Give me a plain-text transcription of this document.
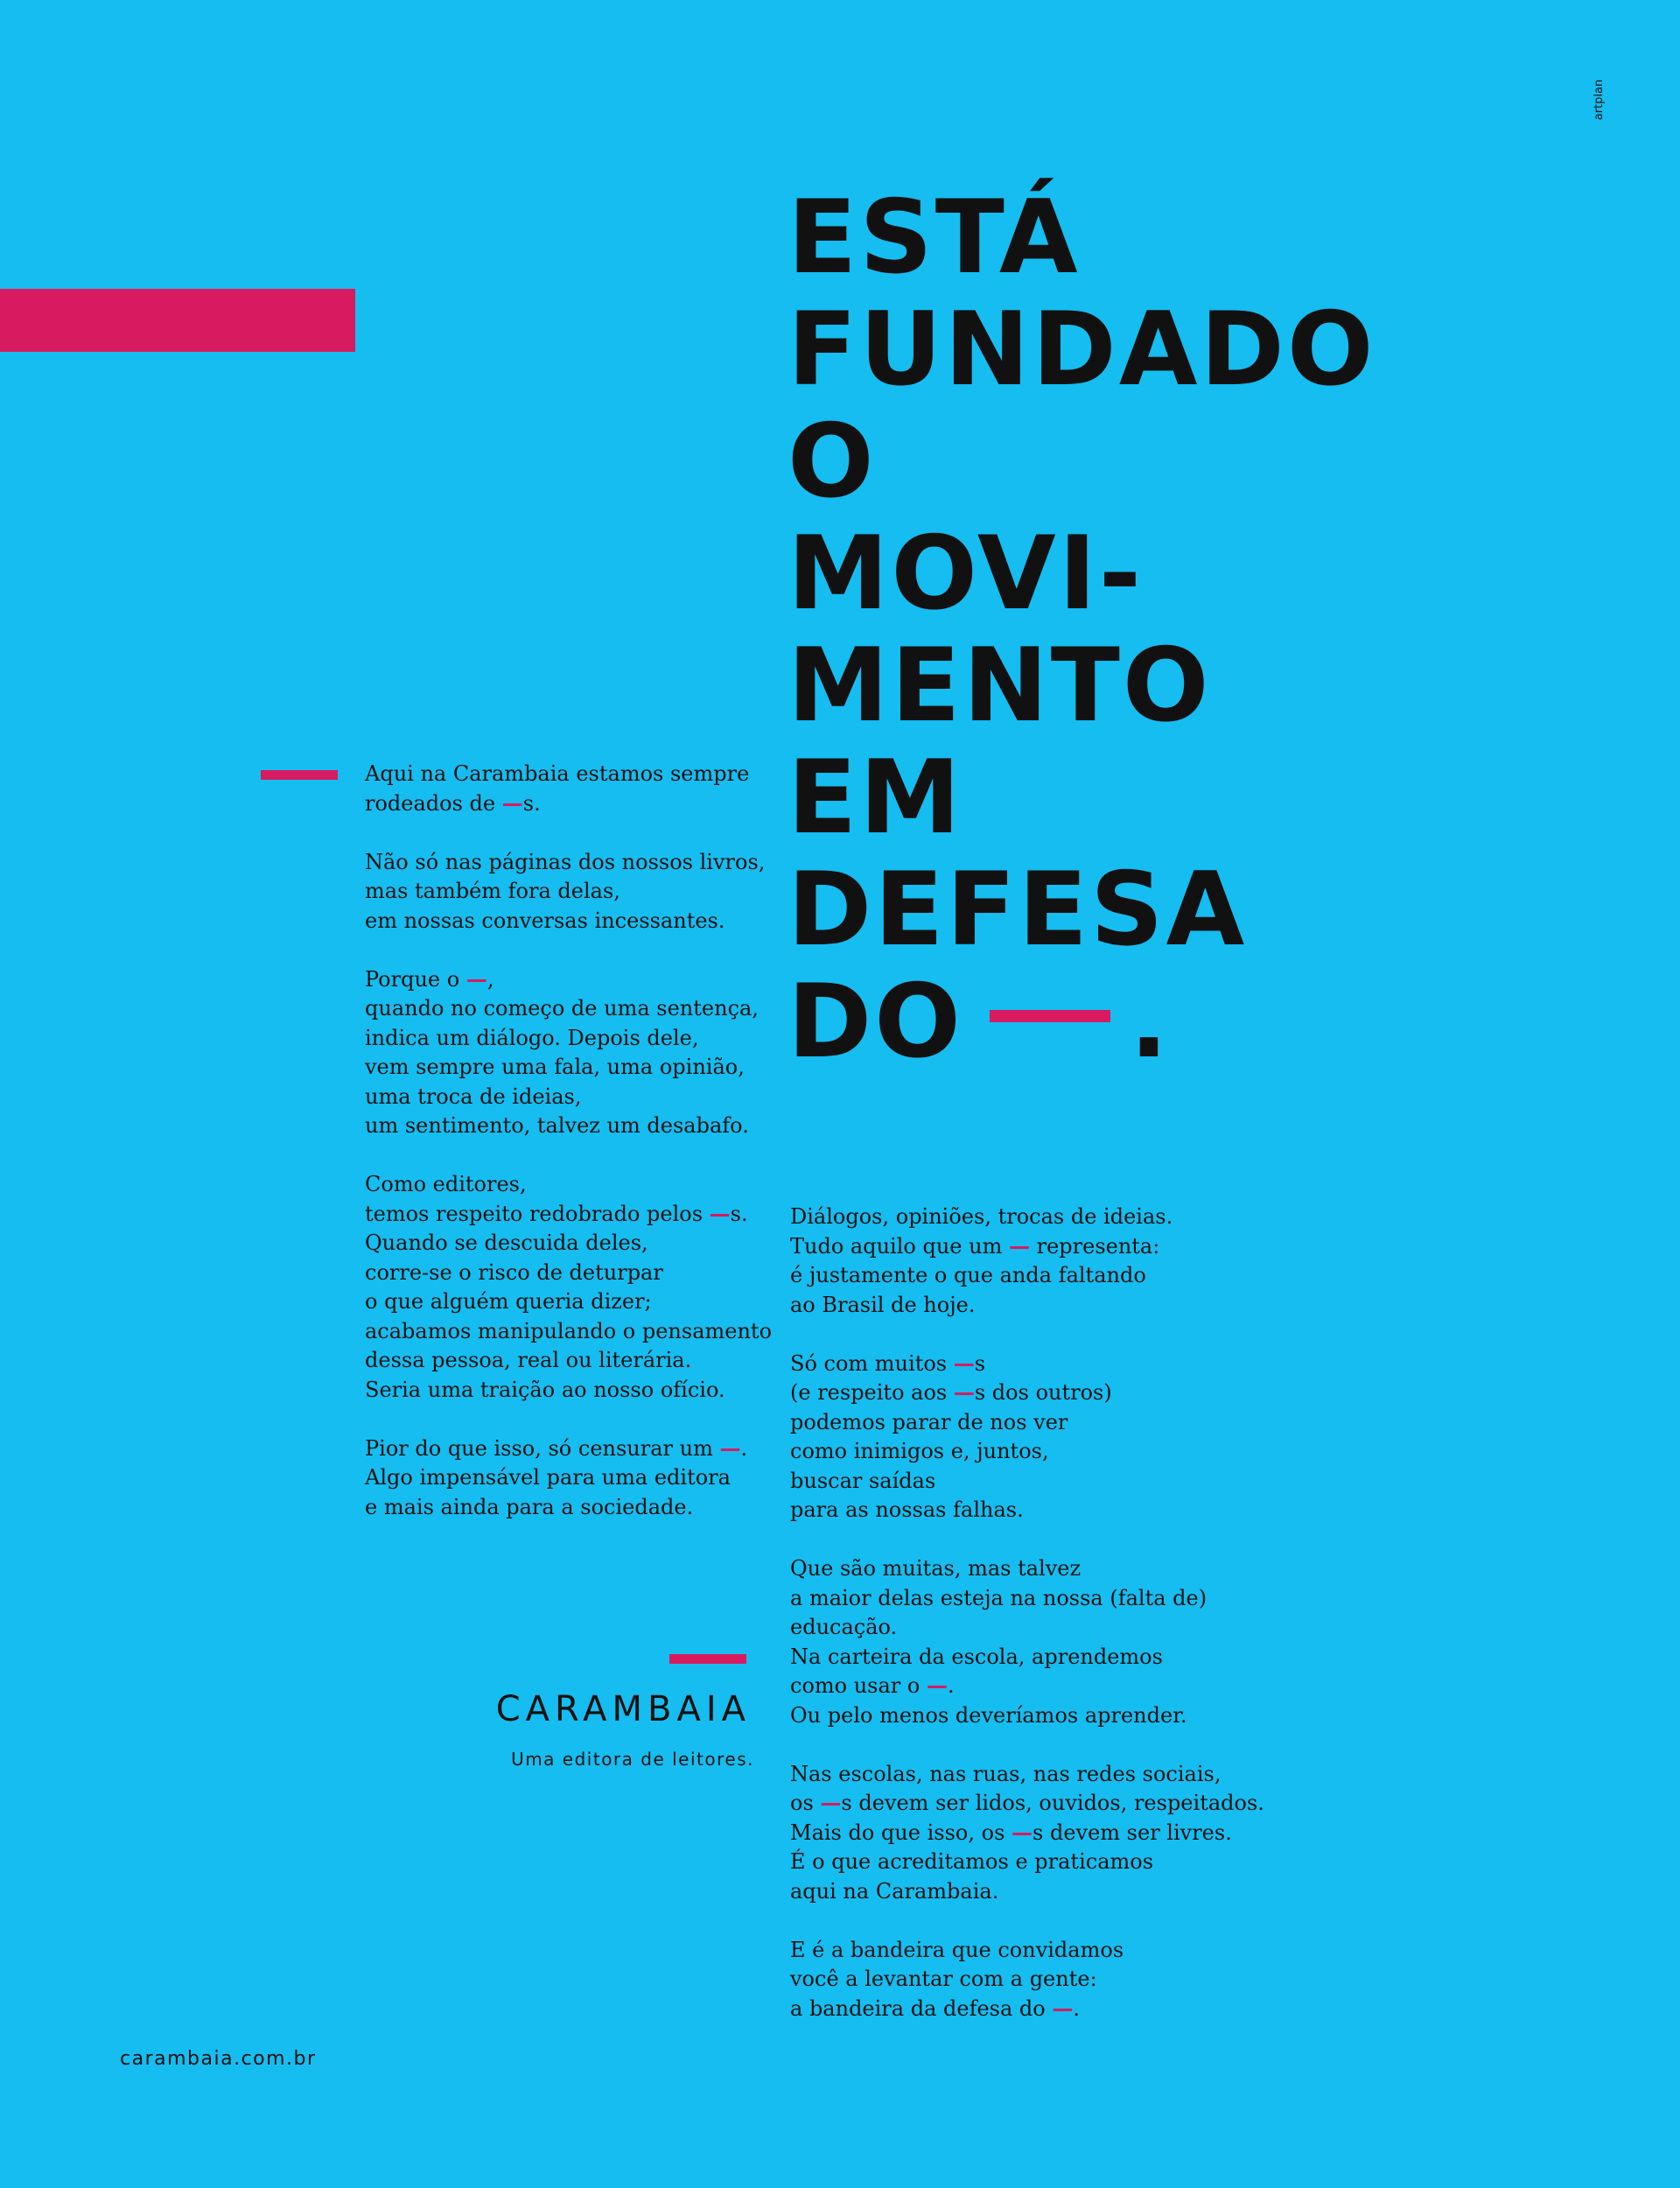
artplan
ESTÁ
FUNDADO
O
MOVI-
MENTO
EM
DEFESA
DO .

Aqui na Carambaia estamos sempre
rodeados de —s.

Não só nas páginas dos nossos livros,
mas também fora delas,
em nossas conversas incessantes.

Porque o —,
quando no começo de uma sentença,
indica um diálogo. Depois dele,
vem sempre uma fala, uma opinião,
uma troca de ideias,
um sentimento, talvez um desabafo.

Como editores,
temos respeito redobrado pelos —s.
Quando se descuida deles,
corre-se o risco de deturpar
o que alguém queria dizer;
acabamos manipulando o pensamento
dessa pessoa, real ou literária.
Seria uma traição ao nosso ofício.

Pior do que isso, só censurar um —.
Algo impensável para uma editora
e mais ainda para a sociedade.

Diálogos, opiniões, trocas de ideias.
Tudo aquilo que um — representa:
é justamente o que anda faltando
ao Brasil de hoje.

Só com muitos —s
(e respeito aos —s dos outros)
podemos parar de nos ver
como inimigos e, juntos,
buscar saídas
para as nossas falhas.

Que são muitas, mas talvez
a maior delas esteja na nossa (falta de)
educação.
Na carteira da escola, aprendemos
como usar o —.
Ou pelo menos deveríamos aprender.

Nas escolas, nas ruas, nas redes sociais,
os —s devem ser lidos, ouvidos, respeitados.
Mais do que isso, os —s devem ser livres.
É o que acreditamos e praticamos
aqui na Carambaia.

E é a bandeira que convidamos
você a levantar com a gente:
a bandeira da defesa do —.

CARAMBAIA
Uma editora de leitores.
carambaia.com.br
